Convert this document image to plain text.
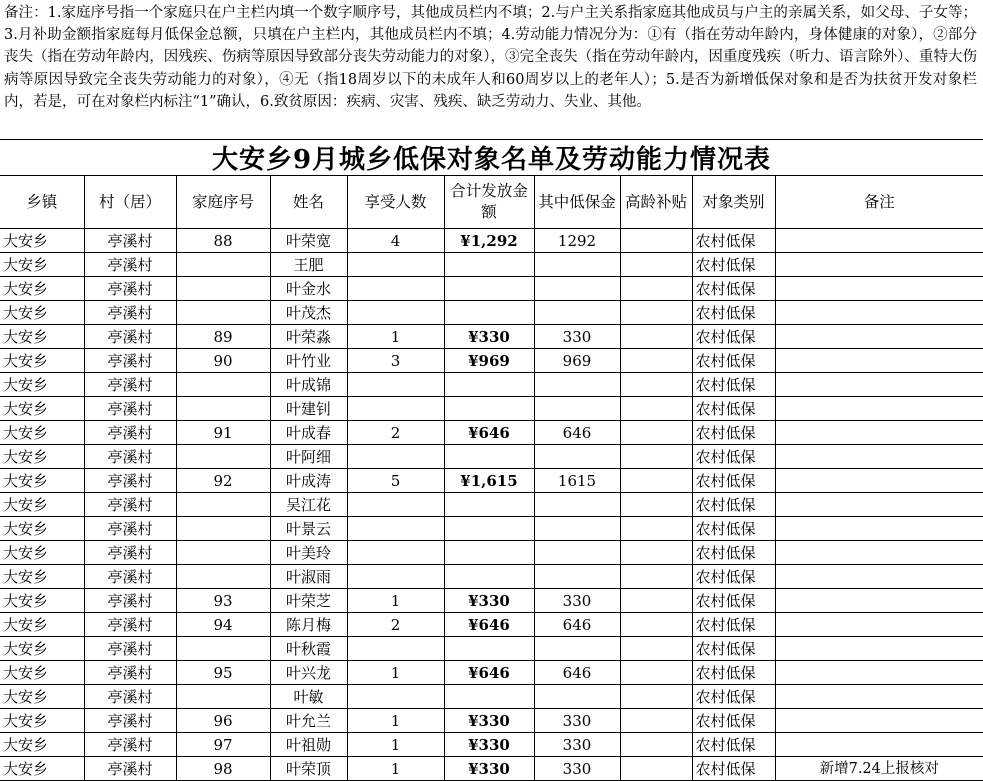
备注：1.家庭序号指一个家庭只在户主栏内填一个数字顺序号，其他成员栏内不填；2.与户主关系指家庭其他成员与户主的亲属关系，如父母、子女等；3.月补助金额指家庭每月低保金总额，只填在户主栏内，其他成员栏内不填；4.劳动能力情况分为：①有（指在劳动年龄内，身体健康的对象），②部分丧失（指在劳动年龄内，因残疾、伤病等原因导致部分丧失劳动能力的对象），③完全丧失（指在劳动年龄内，因重度残疾（听力、语言除外）、重特大伤病等原因导致完全丧失劳动能力的对象），④无（指18周岁以下的未成年人和60周岁以上的老年人）；5.是否为新增低保对象和是否为扶贫开发对象栏内，若是，可在对象栏内标注“1”确认，6.致贫原因：疾病、灾害、残疾、缺乏劳动力、失业、其他。
大安乡9月城乡低保对象名单及劳动能力情况表
乡镇	村（居）	家庭序号	姓名	享受人数	合计发放金额	其中低保金	高龄补贴	对象类别	备注
大安乡	亭溪村	88	叶荣宽	4	¥1,292	1292		农村低保	
大安乡	亭溪村		王肥					农村低保	
大安乡	亭溪村		叶金水					农村低保	
大安乡	亭溪村		叶茂杰					农村低保	
大安乡	亭溪村	89	叶荣淼	1	¥330	330		农村低保	
大安乡	亭溪村	90	叶竹业	3	¥969	969		农村低保	
大安乡	亭溪村		叶成锦					农村低保	
大安乡	亭溪村		叶建钊					农村低保	
大安乡	亭溪村	91	叶成春	2	¥646	646		农村低保	
大安乡	亭溪村		叶阿细					农村低保	
大安乡	亭溪村	92	叶成涛	5	¥1,615	1615		农村低保	
大安乡	亭溪村		吴江花					农村低保	
大安乡	亭溪村		叶景云					农村低保	
大安乡	亭溪村		叶美玲					农村低保	
大安乡	亭溪村		叶淑雨					农村低保	
大安乡	亭溪村	93	叶荣芝	1	¥330	330		农村低保	
大安乡	亭溪村	94	陈月梅	2	¥646	646		农村低保	
大安乡	亭溪村		叶秋霞					农村低保	
大安乡	亭溪村	95	叶兴龙	1	¥646	646		农村低保	
大安乡	亭溪村		叶敏					农村低保	
大安乡	亭溪村	96	叶允兰	1	¥330	330		农村低保	
大安乡	亭溪村	97	叶祖勋	1	¥330	330		农村低保	
大安乡	亭溪村	98	叶荣顶	1	¥330	330		农村低保	新增7.24上报核对
